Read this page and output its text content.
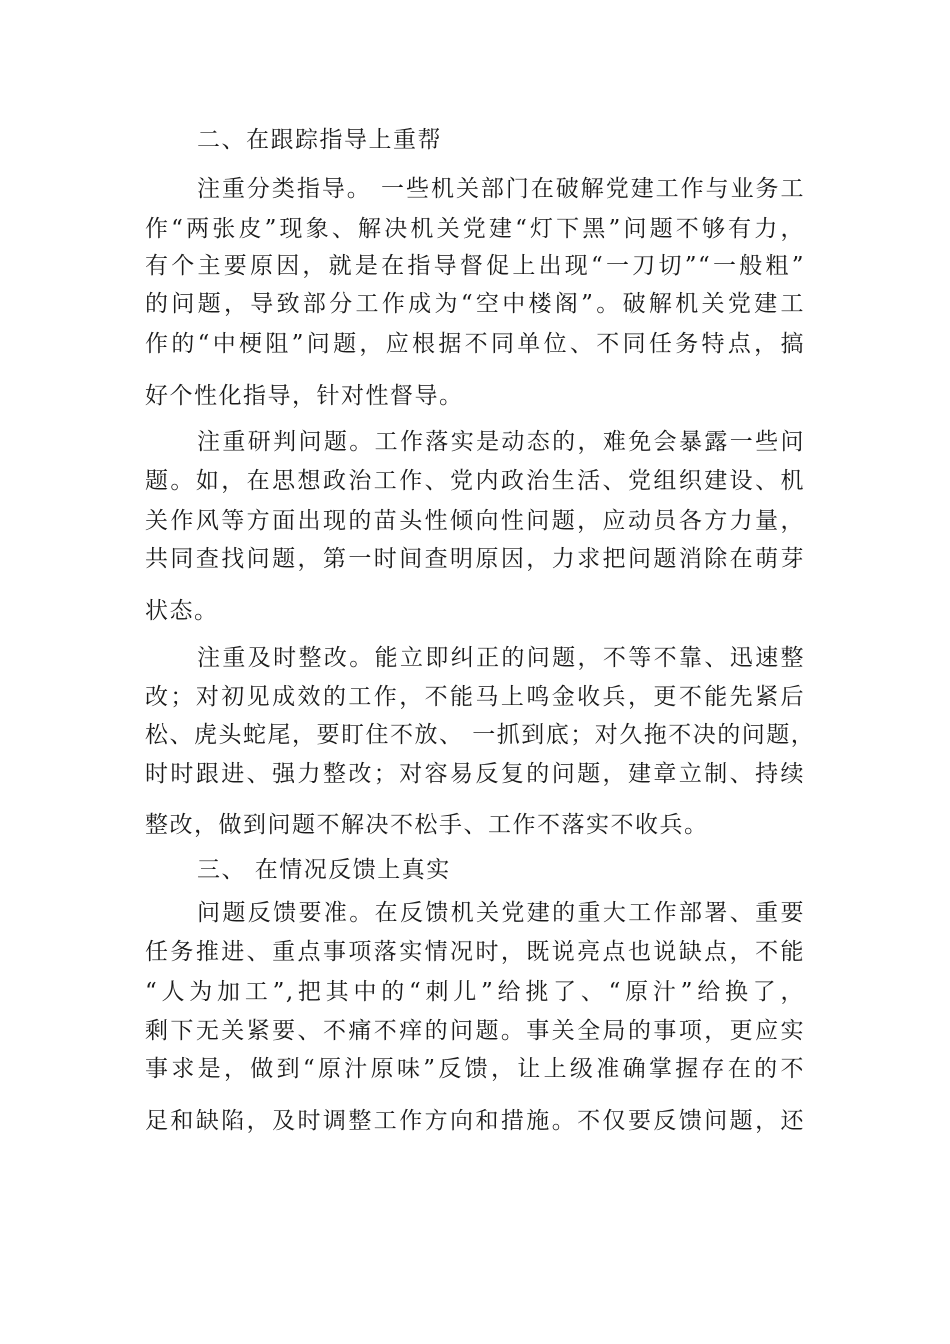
二、在跟踪指导上重帮
注重分类指导。 一些机关部门在破解党建工作与业务工
作“两张皮”现象、解决机关党建“灯下黑”问题不够有力，
有个主要原因，就是在指导督促上出现“一刀切”“一般粗”
的问题，导致部分工作成为“空中楼阁”。破解机关党建工
作的“中梗阻”问题，应根据不同单位、不同任务特点，搞
好个性化指导，针对性督导。
注重研判问题。工作落实是动态的，难免会暴露一些问
题。如，在思想政治工作、党内政治生活、党组织建设、机
关作风等方面出现的苗头性倾向性问题，应动员各方力量，
共同查找问题，第一时间查明原因，力求把问题消除在萌芽
状态。
注重及时整改。能立即纠正的问题，不等不靠、迅速整
改；对初见成效的工作，不能马上鸣金收兵，更不能先紧后
松、虎头蛇尾，要盯住不放、 一抓到底；对久拖不决的问题，
时时跟进、强力整改；对容易反复的问题，建章立制、持续
整改，做到问题不解决不松手、工作不落实不收兵。
三、 在情况反馈上真实
问题反馈要准。在反馈机关党建的重大工作部署、重要
任务推进、重点事项落实情况时，既说亮点也说缺点，不能
“人为加工”,把其中的“刺儿”给挑了、“原汁”给换了，
剩下无关紧要、不痛不痒的问题。事关全局的事项，更应实
事求是，做到“原汁原味”反馈，让上级准确掌握存在的不
足和缺陷，及时调整工作方向和措施。不仅要反馈问题，还
